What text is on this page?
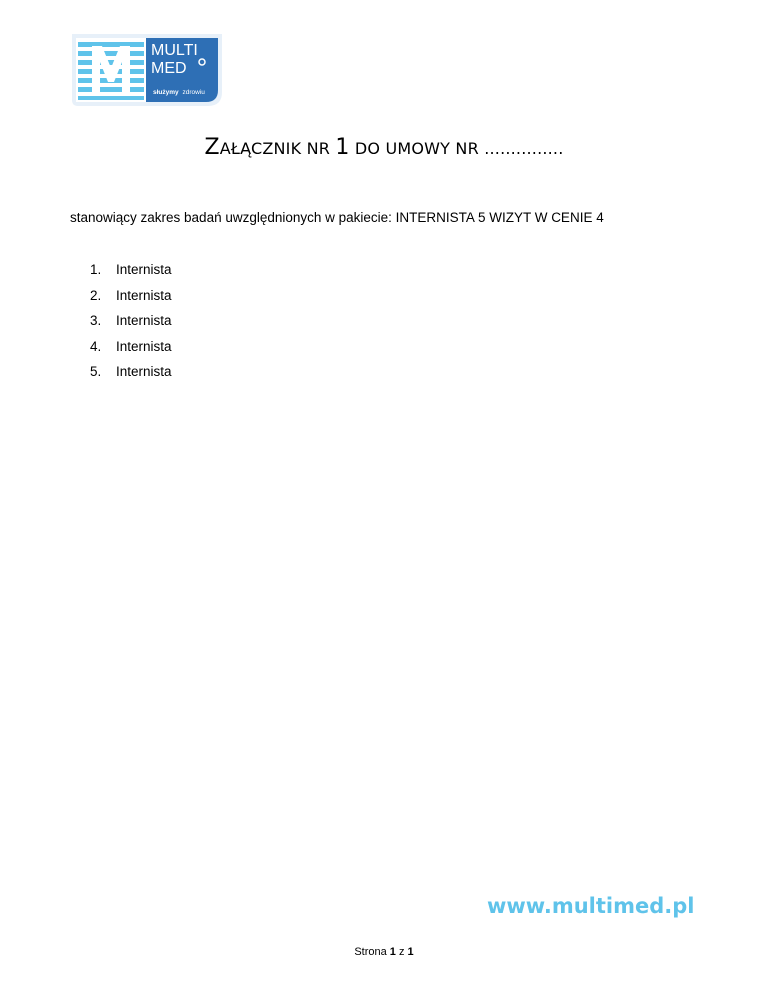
MULTI
MED
służymy zdrowiu
ZAŁĄCZNIK NR 1 DO UMOWY NR ...............
stanowiący zakres badań uwzględnionych w pakiecie: INTERNISTA 5 WIZYT W CENIE 4
1.	Internista
2.	Internista
3.	Internista
4.	Internista
5.	Internista
www.multimed.pl
Strona 1 z 1
